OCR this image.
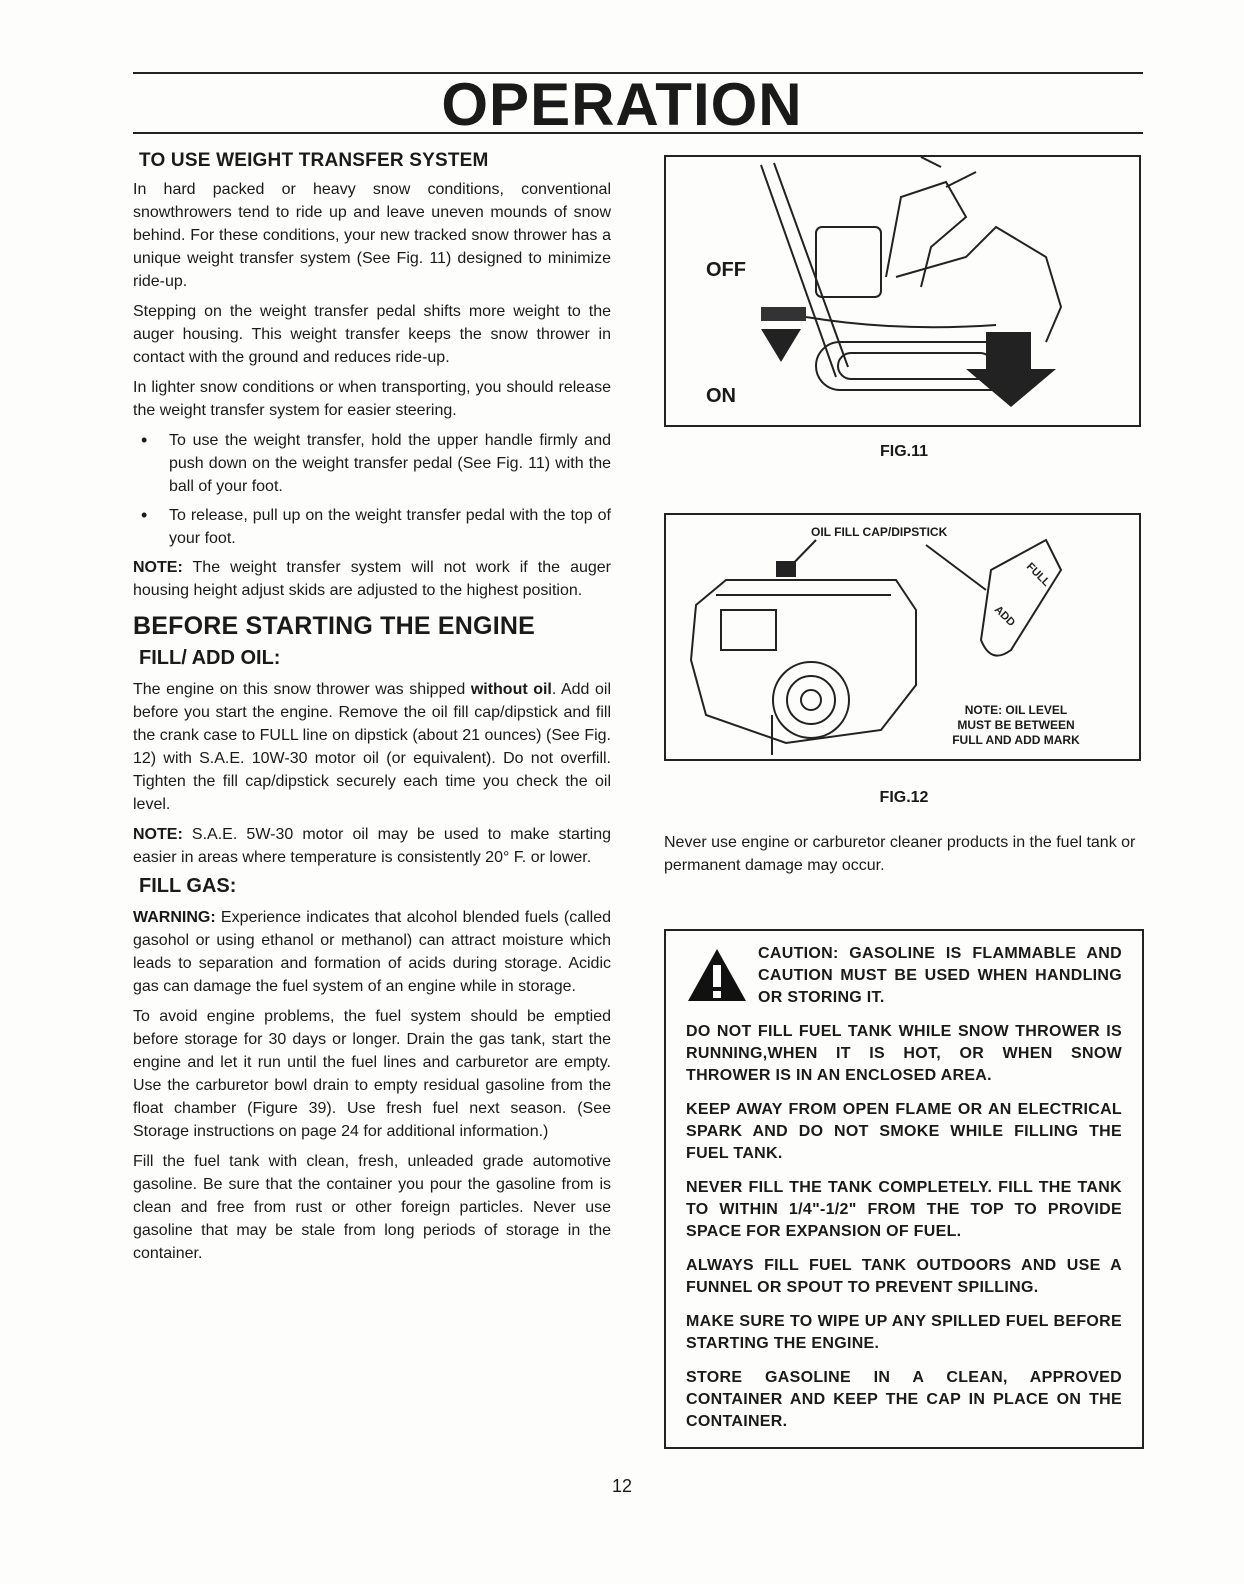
OPERATION
TO USE WEIGHT TRANSFER SYSTEM

In hard packed or heavy snow conditions, conventional snowthrowers tend to ride up and leave uneven mounds of snow behind. For these conditions, your new tracked snow thrower has a unique weight transfer system (See Fig. 11) designed to minimize ride-up.

Stepping on the weight transfer pedal shifts more weight to the auger housing. This weight transfer keeps the snow thrower in contact with the ground and reduces ride-up.

In lighter snow conditions or when transporting, you should release the weight transfer system for easier steering.

• To use the weight transfer, hold the upper handle firmly and push down on the weight transfer pedal (See Fig. 11) with the ball of your foot.
• To release, pull up on the weight transfer pedal with the top of your foot.

NOTE: The weight transfer system will not work if the auger housing height adjust skids are adjusted to the highest position.

BEFORE STARTING THE ENGINE
FILL/ ADD OIL:

The engine on this snow thrower was shipped without oil. Add oil before you start the engine. Remove the oil fill cap/dipstick and fill the crank case to FULL line on dipstick (about 21 ounces) (See Fig. 12) with S.A.E. 10W-30 motor oil (or equivalent). Do not overfill. Tighten the fill cap/dipstick securely each time you check the oil level.

NOTE: S.A.E. 5W-30 motor oil may be used to make starting easier in areas where temperature is consistently 20° F. or lower.

FILL GAS:

WARNING: Experience indicates that alcohol blended fuels (called gasohol or using ethanol or methanol) can attract moisture which leads to separation and formation of acids during storage. Acidic gas can damage the fuel system of an engine while in storage.

To avoid engine problems, the fuel system should be emptied before storage for 30 days or longer. Drain the gas tank, start the engine and let it run until the fuel lines and carburetor are empty. Use the carburetor bowl drain to empty residual gasoline from the float chamber (Figure 39). Use fresh fuel next season. (See Storage instructions on page 24 for additional information.)

Fill the fuel tank with clean, fresh, unleaded grade automotive gasoline. Be sure that the container you pour the gasoline from is clean and free from rust or other foreign particles. Never use gasoline that may be stale from long periods of storage in the container.

OFF
ON
FIG.11
FULL
ADD
OIL FILL CAP/DIPSTICK
NOTE: OIL LEVEL
MUST BE BETWEEN
FULL AND ADD MARK
FIG.12

Never use engine or carburetor cleaner products in the fuel tank or permanent damage may occur.

CAUTION: GASOLINE IS FLAMMABLE AND CAUTION MUST BE USED WHEN HANDLING OR STORING IT.

DO NOT FILL FUEL TANK WHILE SNOW THROWER IS RUNNING,WHEN IT IS HOT, OR WHEN SNOW THROWER IS IN AN ENCLOSED AREA.

KEEP AWAY FROM OPEN FLAME OR AN ELECTRICAL SPARK AND DO NOT SMOKE WHILE FILLING THE FUEL TANK.

NEVER FILL THE TANK COMPLETELY. FILL THE TANK TO WITHIN 1/4"-1/2" FROM THE TOP TO PROVIDE SPACE FOR EXPANSION OF FUEL.

ALWAYS FILL FUEL TANK OUTDOORS AND USE A FUNNEL OR SPOUT TO PREVENT SPILLING.

MAKE SURE TO WIPE UP ANY SPILLED FUEL BEFORE STARTING THE ENGINE.

STORE GASOLINE IN A CLEAN, APPROVED CONTAINER AND KEEP THE CAP IN PLACE ON THE CONTAINER.

12
